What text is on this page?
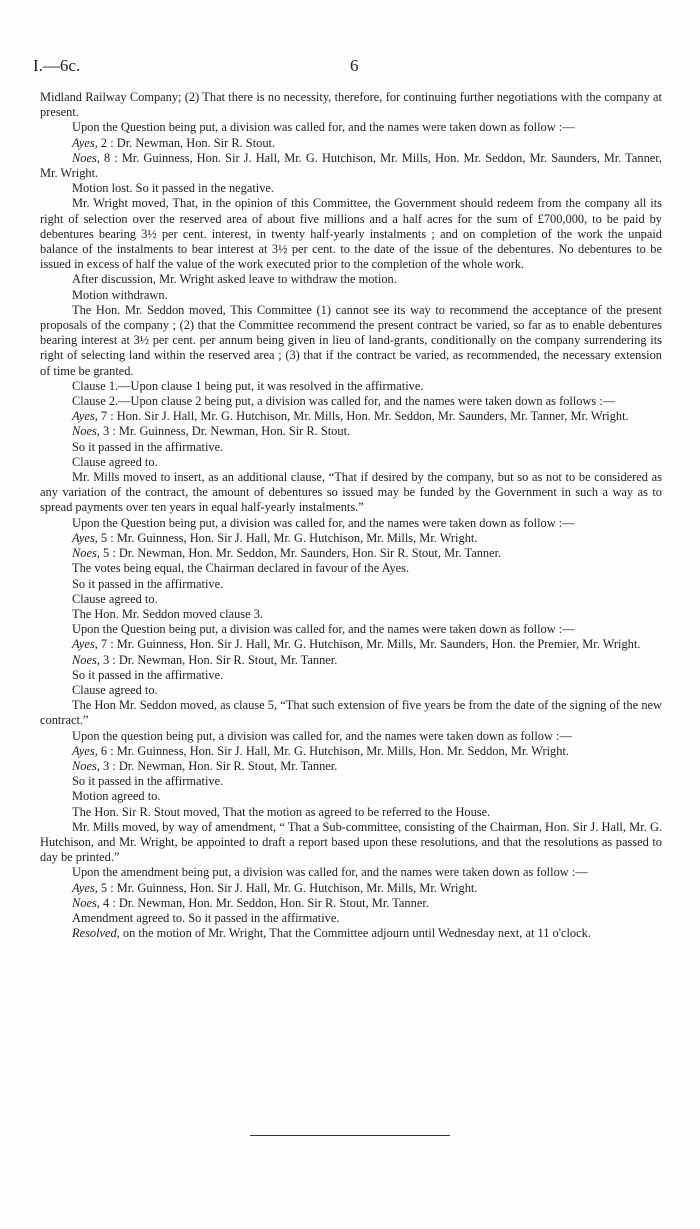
I.—6c.	6

Midland Railway Company; (2) That there is no necessity, therefore, for continuing further negotiations with the company at present.

Upon the Question being put, a division was called for, and the names were taken down as follow :—

Ayes, 2 : Dr. Newman, Hon. Sir R. Stout.

Noes, 8 : Mr. Guinness, Hon. Sir J. Hall, Mr. G. Hutchison, Mr. Mills, Hon. Mr. Seddon, Mr. Saunders, Mr. Tanner, Mr. Wright.

Motion lost. So it passed in the negative.

Mr. Wright moved, That, in the opinion of this Committee, the Government should redeem from the company all its right of selection over the reserved area of about five millions and a half acres for the sum of £700,000, to be paid by debentures bearing 3½ per cent. interest, in twenty half-yearly instalments ; and on completion of the work the unpaid balance of the instalments to bear interest at 3½ per cent. to the date of the issue of the debentures. No debentures to be issued in excess of half the value of the work executed prior to the completion of the whole work.

After discussion, Mr. Wright asked leave to withdraw the motion.

Motion withdrawn.

The Hon. Mr. Seddon moved, This Committee (1) cannot see its way to recommend the acceptance of the present proposals of the company ; (2) that the Committee recommend the present contract be varied, so far as to enable debentures bearing interest at 3½ per cent. per annum being given in lieu of land-grants, conditionally on the company surrendering its right of selecting land within the reserved area ; (3) that if the contract be varied, as recommended, the necessary extension of time be granted.

Clause 1.—Upon clause 1 being put, it was resolved in the affirmative.

Clause 2.—Upon clause 2 being put, a division was called for, and the names were taken down as follows :—

Ayes, 7 : Hon. Sir J. Hall, Mr. G. Hutchison, Mr. Mills, Hon. Mr. Seddon, Mr. Saunders, Mr. Tanner, Mr. Wright.

Noes, 3 : Mr. Guinness, Dr. Newman, Hon. Sir R. Stout.

So it passed in the affirmative.

Clause agreed to.

Mr. Mills moved to insert, as an additional clause, “That if desired by the company, but so as not to be considered as any variation of the contract, the amount of debentures so issued may be funded by the Government in such a way as to spread payments over ten years in equal half-yearly instalments.”

Upon the Question being put, a division was called for, and the names were taken down as follow :—

Ayes, 5 : Mr. Guinness, Hon. Sir J. Hall, Mr. G. Hutchison, Mr. Mills, Mr. Wright.

Noes, 5 : Dr. Newman, Hon. Mr. Seddon, Mr. Saunders, Hon. Sir R. Stout, Mr. Tanner.

The votes being equal, the Chairman declared in favour of the Ayes.

So it passed in the affirmative.

Clause agreed to.

The Hon. Mr. Seddon moved clause 3.

Upon the Question being put, a division was called for, and the names were taken down as follow :—

Ayes, 7 : Mr. Guinness, Hon. Sir J. Hall, Mr. G. Hutchison, Mr. Mills, Mr. Saunders, Hon. the Premier, Mr. Wright.

Noes, 3 : Dr. Newman, Hon. Sir R. Stout, Mr. Tanner.

So it passed in the affirmative.

Clause agreed to.

The Hon Mr. Seddon moved, as clause 5, “That such extension of five years be from the date of the signing of the new contract.”

Upon the question being put, a division was called for, and the names were taken down as follow :—

Ayes, 6 : Mr. Guinness, Hon. Sir J. Hall, Mr. G. Hutchison, Mr. Mills, Hon. Mr. Seddon, Mr. Wright.

Noes, 3 : Dr. Newman, Hon. Sir R. Stout, Mr. Tanner.

So it passed in the affirmative.

Motion agreed to.

The Hon. Sir R. Stout moved, That the motion as agreed to be referred to the House.

Mr. Mills moved, by way of amendment, “ That a Sub-committee, consisting of the Chairman, Hon. Sir J. Hall, Mr. G. Hutchison, and Mr. Wright, be appointed to draft a report based upon these resolutions, and that the resolutions as passed to day be printed.”

Upon the amendment being put, a division was called for, and the names were taken down as follow :—

Ayes, 5 : Mr. Guinness, Hon. Sir J. Hall, Mr. G. Hutchison, Mr. Mills, Mr. Wright.

Noes, 4 : Dr. Newman, Hon. Mr. Seddon, Hon. Sir R. Stout, Mr. Tanner.

Amendment agreed to. So it passed in the affirmative.

Resolved, on the motion of Mr. Wright, That the Committee adjourn until Wednesday next, at 11 o'clock.
